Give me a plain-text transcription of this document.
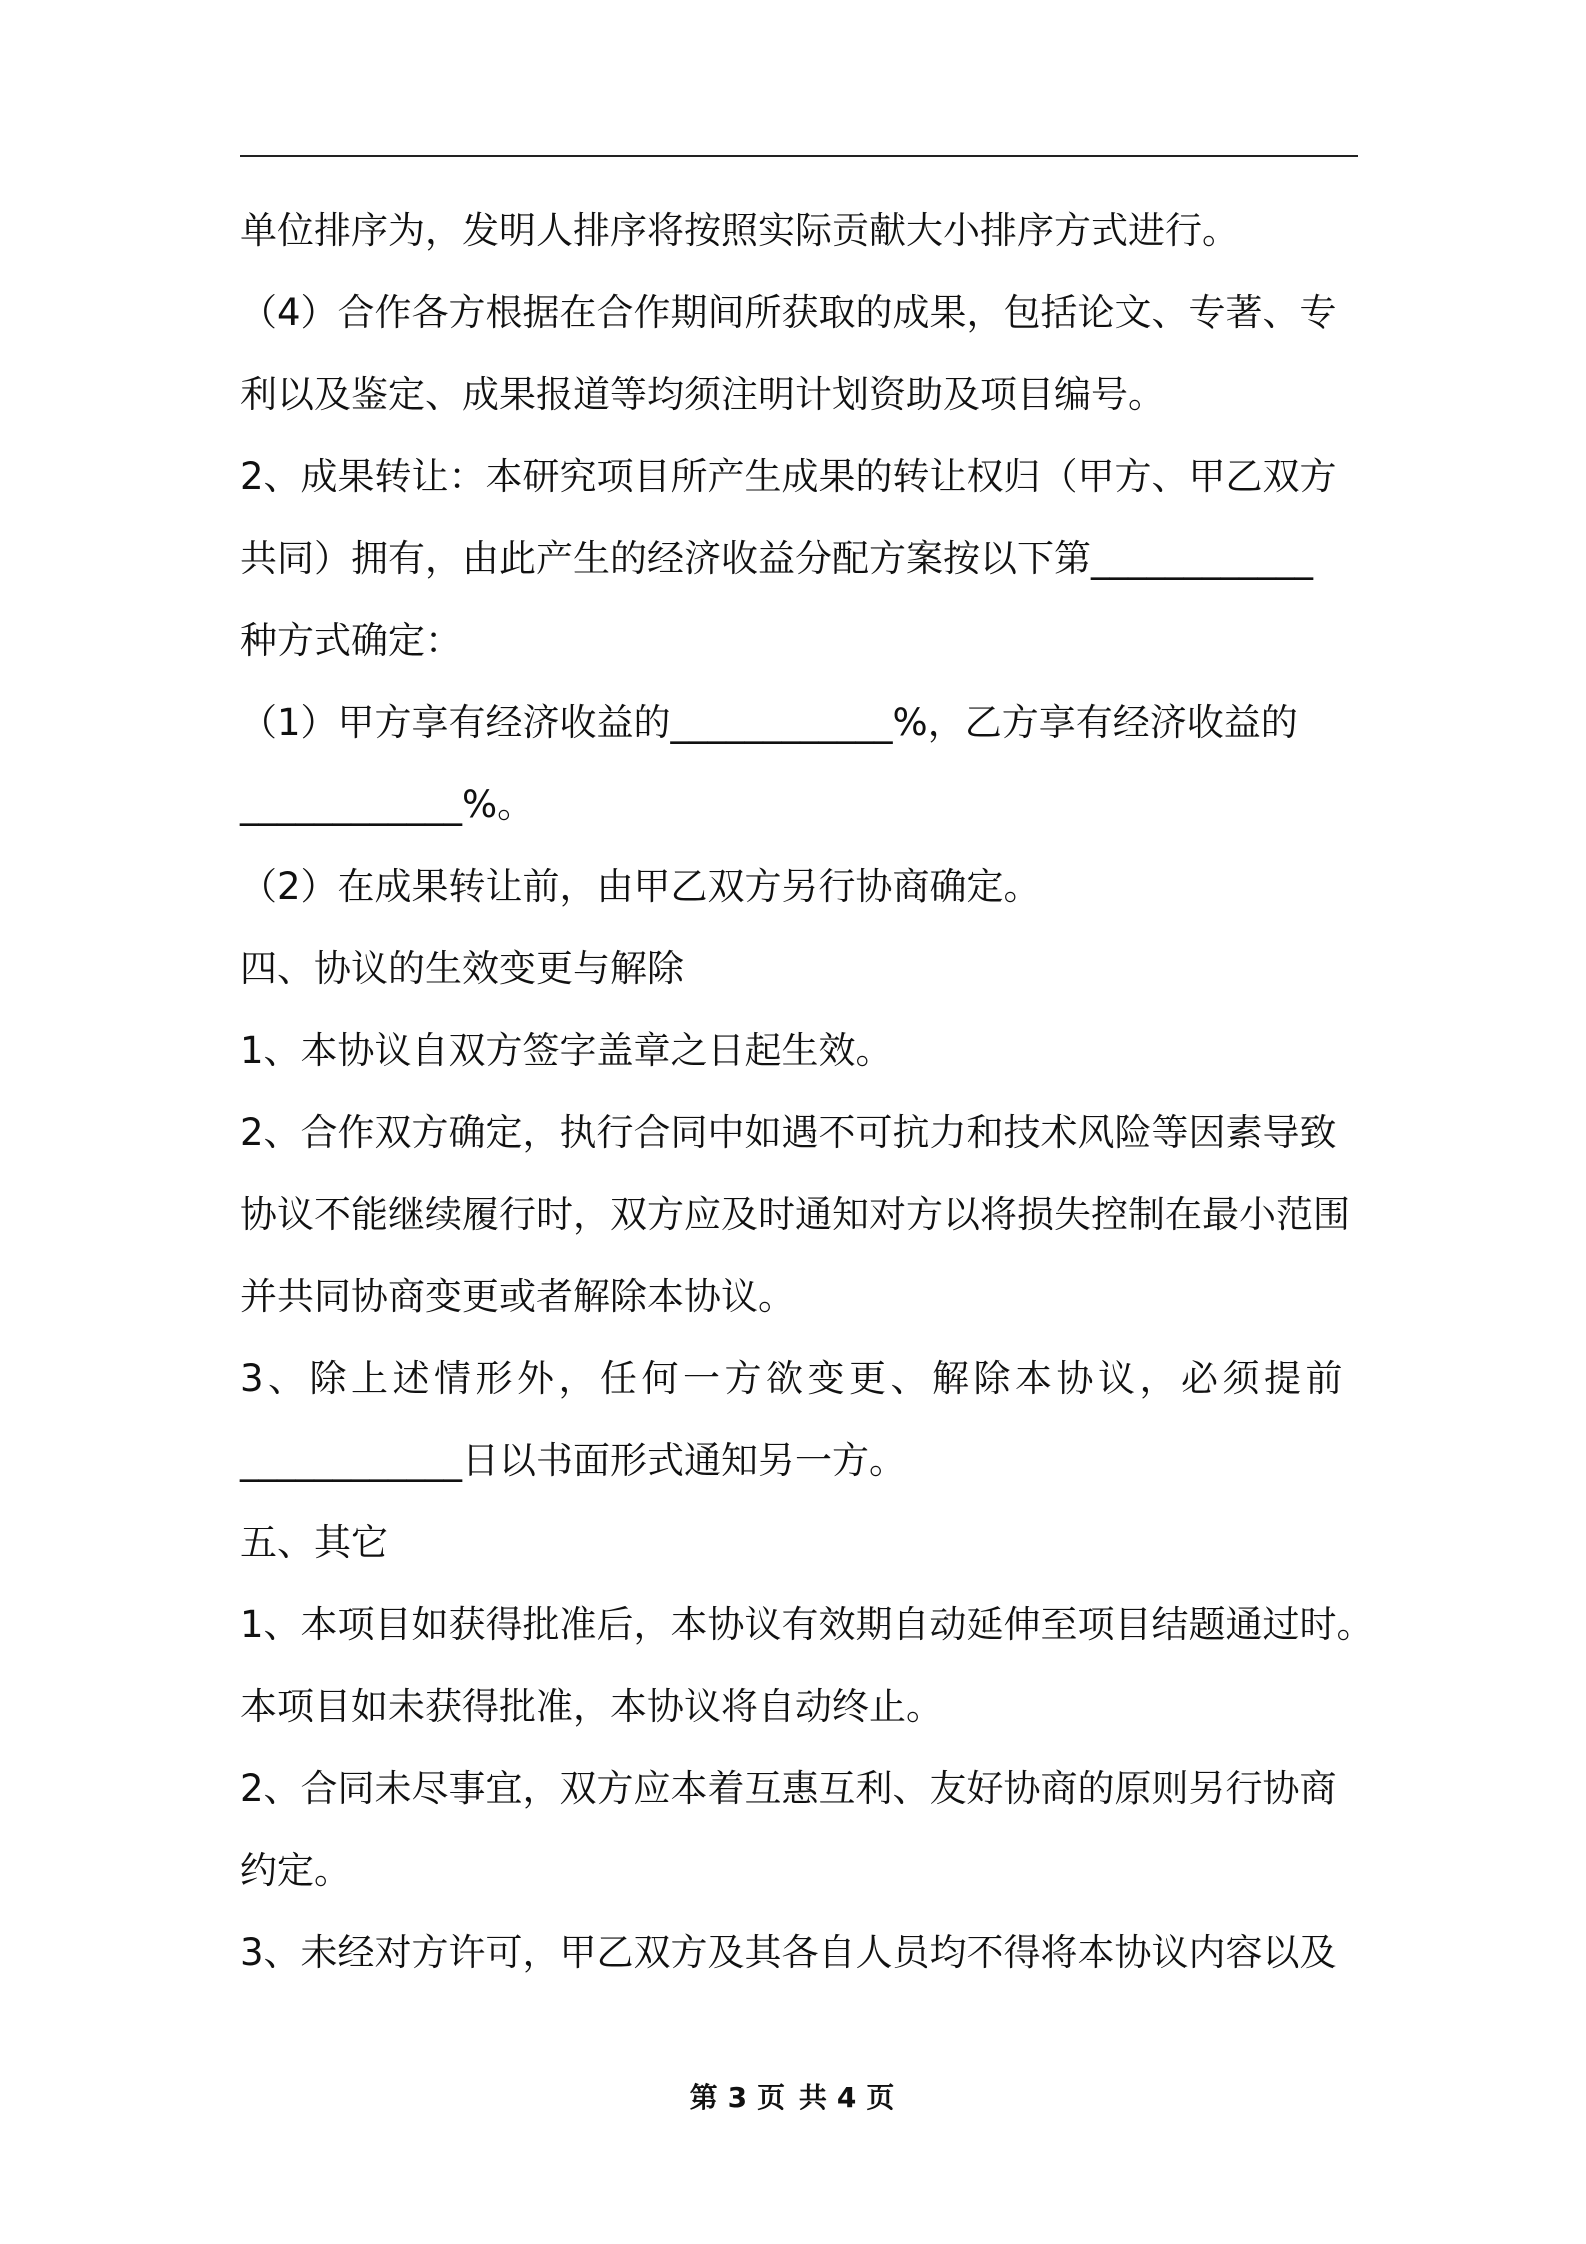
单位排序为，发明人排序将按照实际贡献大小排序方式进行。
（4）合作各方根据在合作期间所获取的成果，包括论文、专著、专
利以及鉴定、成果报道等均须注明计划资助及项目编号。
2、成果转让：本研究项目所产生成果的转让权归（甲方、甲乙双方
共同）拥有，由此产生的经济收益分配方案按以下第____________
种方式确定：
（1）甲方享有经济收益的____________%，乙方享有经济收益的
____________%。
（2）在成果转让前，由甲乙双方另行协商确定。
四、协议的生效变更与解除
1、本协议自双方签字盖章之日起生效。
2、合作双方确定，执行合同中如遇不可抗力和技术风险等因素导致
协议不能继续履行时，双方应及时通知对方以将损失控制在最小范围
并共同协商变更或者解除本协议。
3、除上述情形外，任何一方欲变更、解除本协议，必须提前
____________日以书面形式通知另一方。
五、其它
1、本项目如获得批准后，本协议有效期自动延伸至项目结题通过时。
本项目如未获得批准，本协议将自动终止。
2、合同未尽事宜，双方应本着互惠互利、友好协商的原则另行协商
约定。
3、未经对方许可，甲乙双方及其各自人员均不得将本协议内容以及
第 3 页 共 4 页
